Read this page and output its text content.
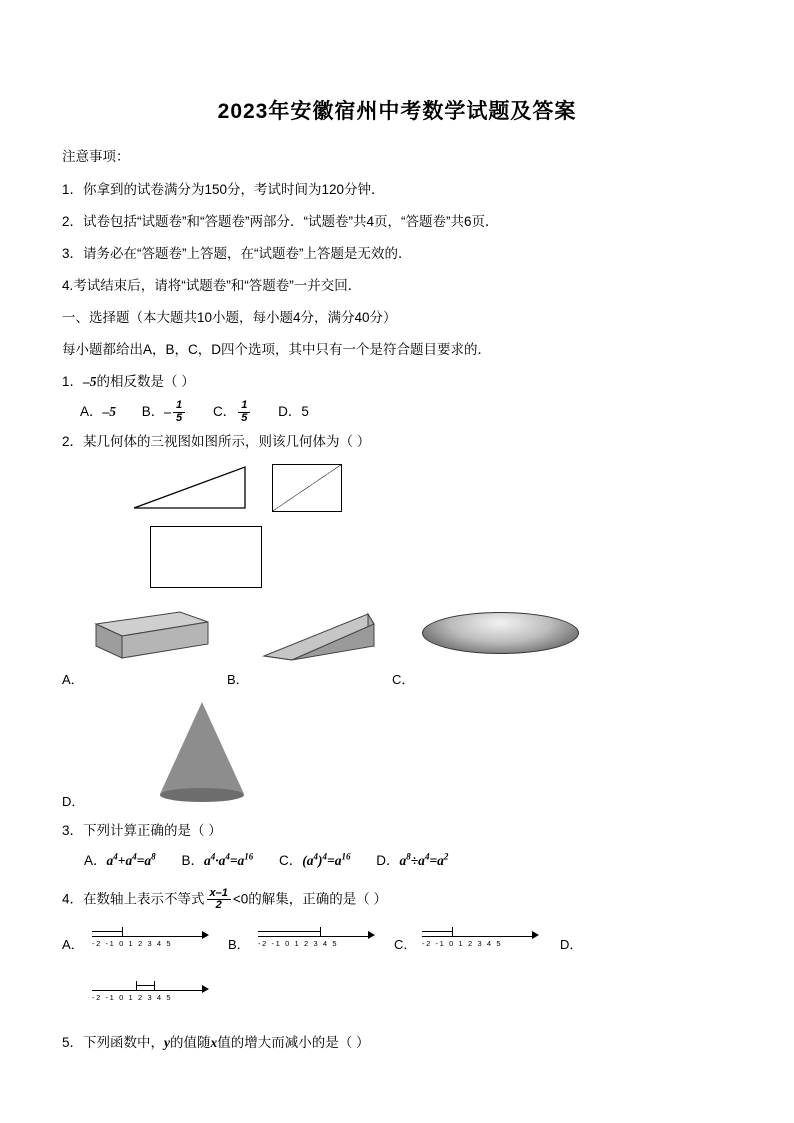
2023年安徽宿州中考数学试题及答案

注意事项：

1．你拿到的试卷满分为150分，考试时间为120分钟．

2．试卷包括“试题卷”和“答题卷”两部分．“试题卷”共4页，“答题卷”共6页．

3．请务必在“答题卷”上答题，在“试题卷”上答题是无效的．

4.考试结束后，请将“试题卷”和“答题卷”一并交回．

一、选择题（本大题共10小题，每小题4分，满分40分）

每小题都给出A，B，C，D四个选项，其中只有一个是符合题目要求的．

1．–5的相反数是（ ）

A．–5 B．– $\frac{1}{5}$ C． $\frac{1}{5}$ D．5

2．某几何体的三视图如图所示，则该几何体为（ ）

A．	B．	C．
D．

3．下列计算正确的是（ ）

A．$a^4+a^4=a^8$ B．$a^4\cdot a^4=a^{16}$ C．$(a^4)^4=a^{16}$ D．$a^8\div a^4=a^2$

4．在数轴上表示不等式 $\frac{x-1}{2} <0$的解集，正确的是（ ）

A． -2 -1 0 1 2 3 4 5	B． -2 -1 0 1 2 3 4 5	C． -2 -1 0 1 2 3 4 5	D．
-2 -1 0 1 2 3 4 5

5．下列函数中，y的值随x值的增大而减小的是（ ）
